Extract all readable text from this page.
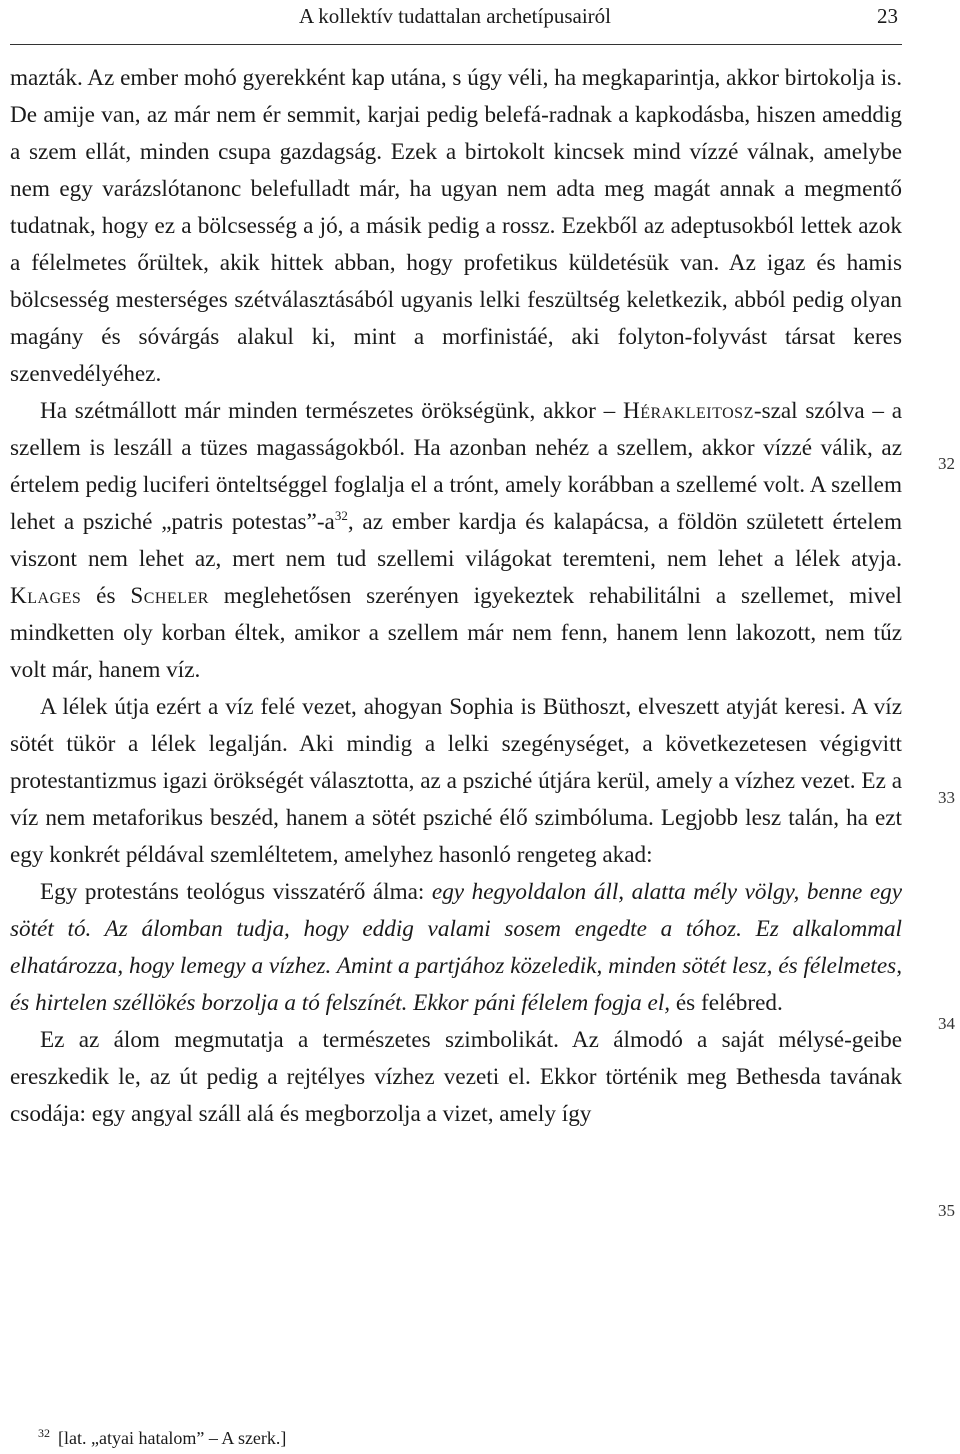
A kollektív tudattalan archetípusairól	23

mazták. Az ember mohó gyerekként kap utána, s úgy véli, ha megkaparintja, akkor birtokolja is. De amije van, az már nem ér semmit, karjai pedig belefá-radnak a kapkodásba, hiszen ameddig a szem ellát, minden csupa gazdagság. Ezek a birtokolt kincsek mind vízzé válnak, amelybe nem egy varázslótanonc belefulladt már, ha ugyan nem adta meg magát annak a megmentő tudatnak, hogy ez a bölcsesség a jó, a másik pedig a rossz. Ezekből az adeptusokból lettek azok a félelmetes őrültek, akik hittek abban, hogy profetikus küldetésük van. Az igaz és hamis bölcsesség mesterséges szétválasztásából ugyanis lelki feszültség keletkezik, abból pedig olyan magány és sóvárgás alakul ki, mint a morfinistáé, aki folyton-folyvást társat keres szenvedélyéhez.

Ha szétmállott már minden természetes örökségünk, akkor – Hérakleitosz-szal szólva – a szellem is leszáll a tüzes magasságokból. Ha azonban nehéz a szellem, akkor vízzé válik, az értelem pedig luciferi önteltséggel foglalja el a trónt, amely korábban a szellemé volt. A szellem lehet a psziché „patris $potestas”-a^{32}$, az ember kardja és kalapácsa, a földön született értelem viszont nem lehet az, mert nem tud szellemi világokat teremteni, nem lehet a lélek atyja. Klages és Scheler meglehetősen szerényen igyekeztek rehabilitálni a szellemet, mivel mindketten oly korban éltek, amikor a szellem már nem fenn, hanem lenn lakozott, nem tűz volt már, hanem víz.

A lélek útja ezért a víz felé vezet, ahogyan Sophia is Büthoszt, elveszett atyját keresi. A víz sötét tükör a lélek legalján. Aki mindig a lelki szegénységet, a következetesen végigvitt protestantizmus igazi örökségét választotta, az a psziché útjára kerül, amely a vízhez vezet. Ez a víz nem metaforikus beszéd, hanem a sötét psziché élő szimbóluma. Legjobb lesz talán, ha ezt egy konkrét példával szemléltetem, amelyhez hasonló rengeteg akad:

Egy protestáns teológus visszatérő álma: egy hegyoldalon áll, alatta mély völgy, benne egy sötét tó. Az álomban tudja, hogy eddig valami sosem engedte a tóhoz. Ez alkalommal elhatározza, hogy lemegy a vízhez. Amint a partjához közeledik, minden sötét lesz, és félelmetes, és hirtelen széllökés borzolja a tó felszínét. Ekkor páni félelem fogja el, és felébred.

Ez az álom megmutatja a természetes szimbolikát. Az álmodó a saját mélysé-geibe ereszkedik le, az út pedig a rejtélyes vízhez vezeti el. Ekkor történik meg Bethesda tavának csodája: egy angyal száll alá és megborzolja a vizet, amely így

32
33
34
35
$^{32}$ [lat. „atyai hatalom” – A szerk.]
